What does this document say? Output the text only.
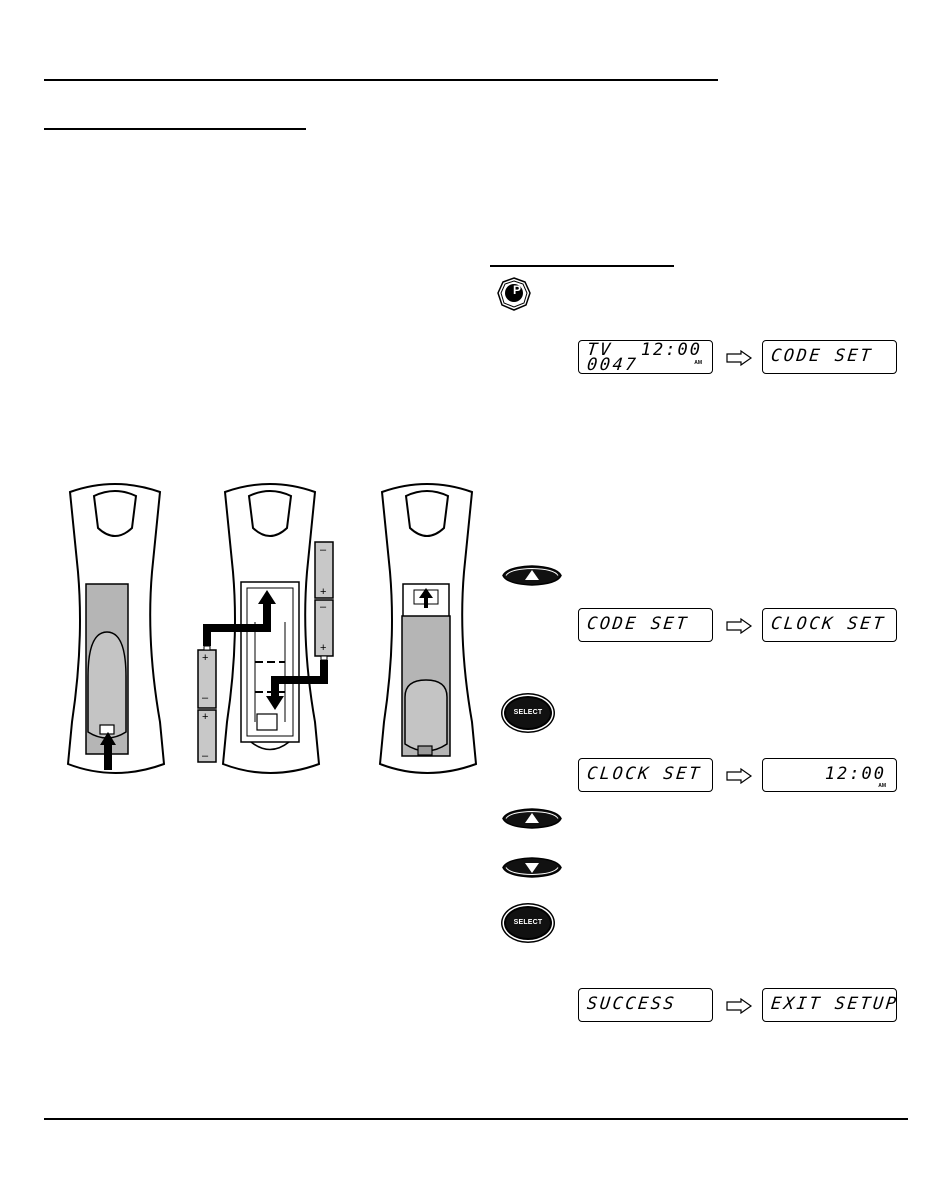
+
–
+
–
–
+
–
+
P
TV
0047
12:00
AM	CODE SET
CODE SET	CLOCK SET
SELECT
CLOCK SET	12:00
AM
SELECT
SUCCESS	EXIT SETUP
